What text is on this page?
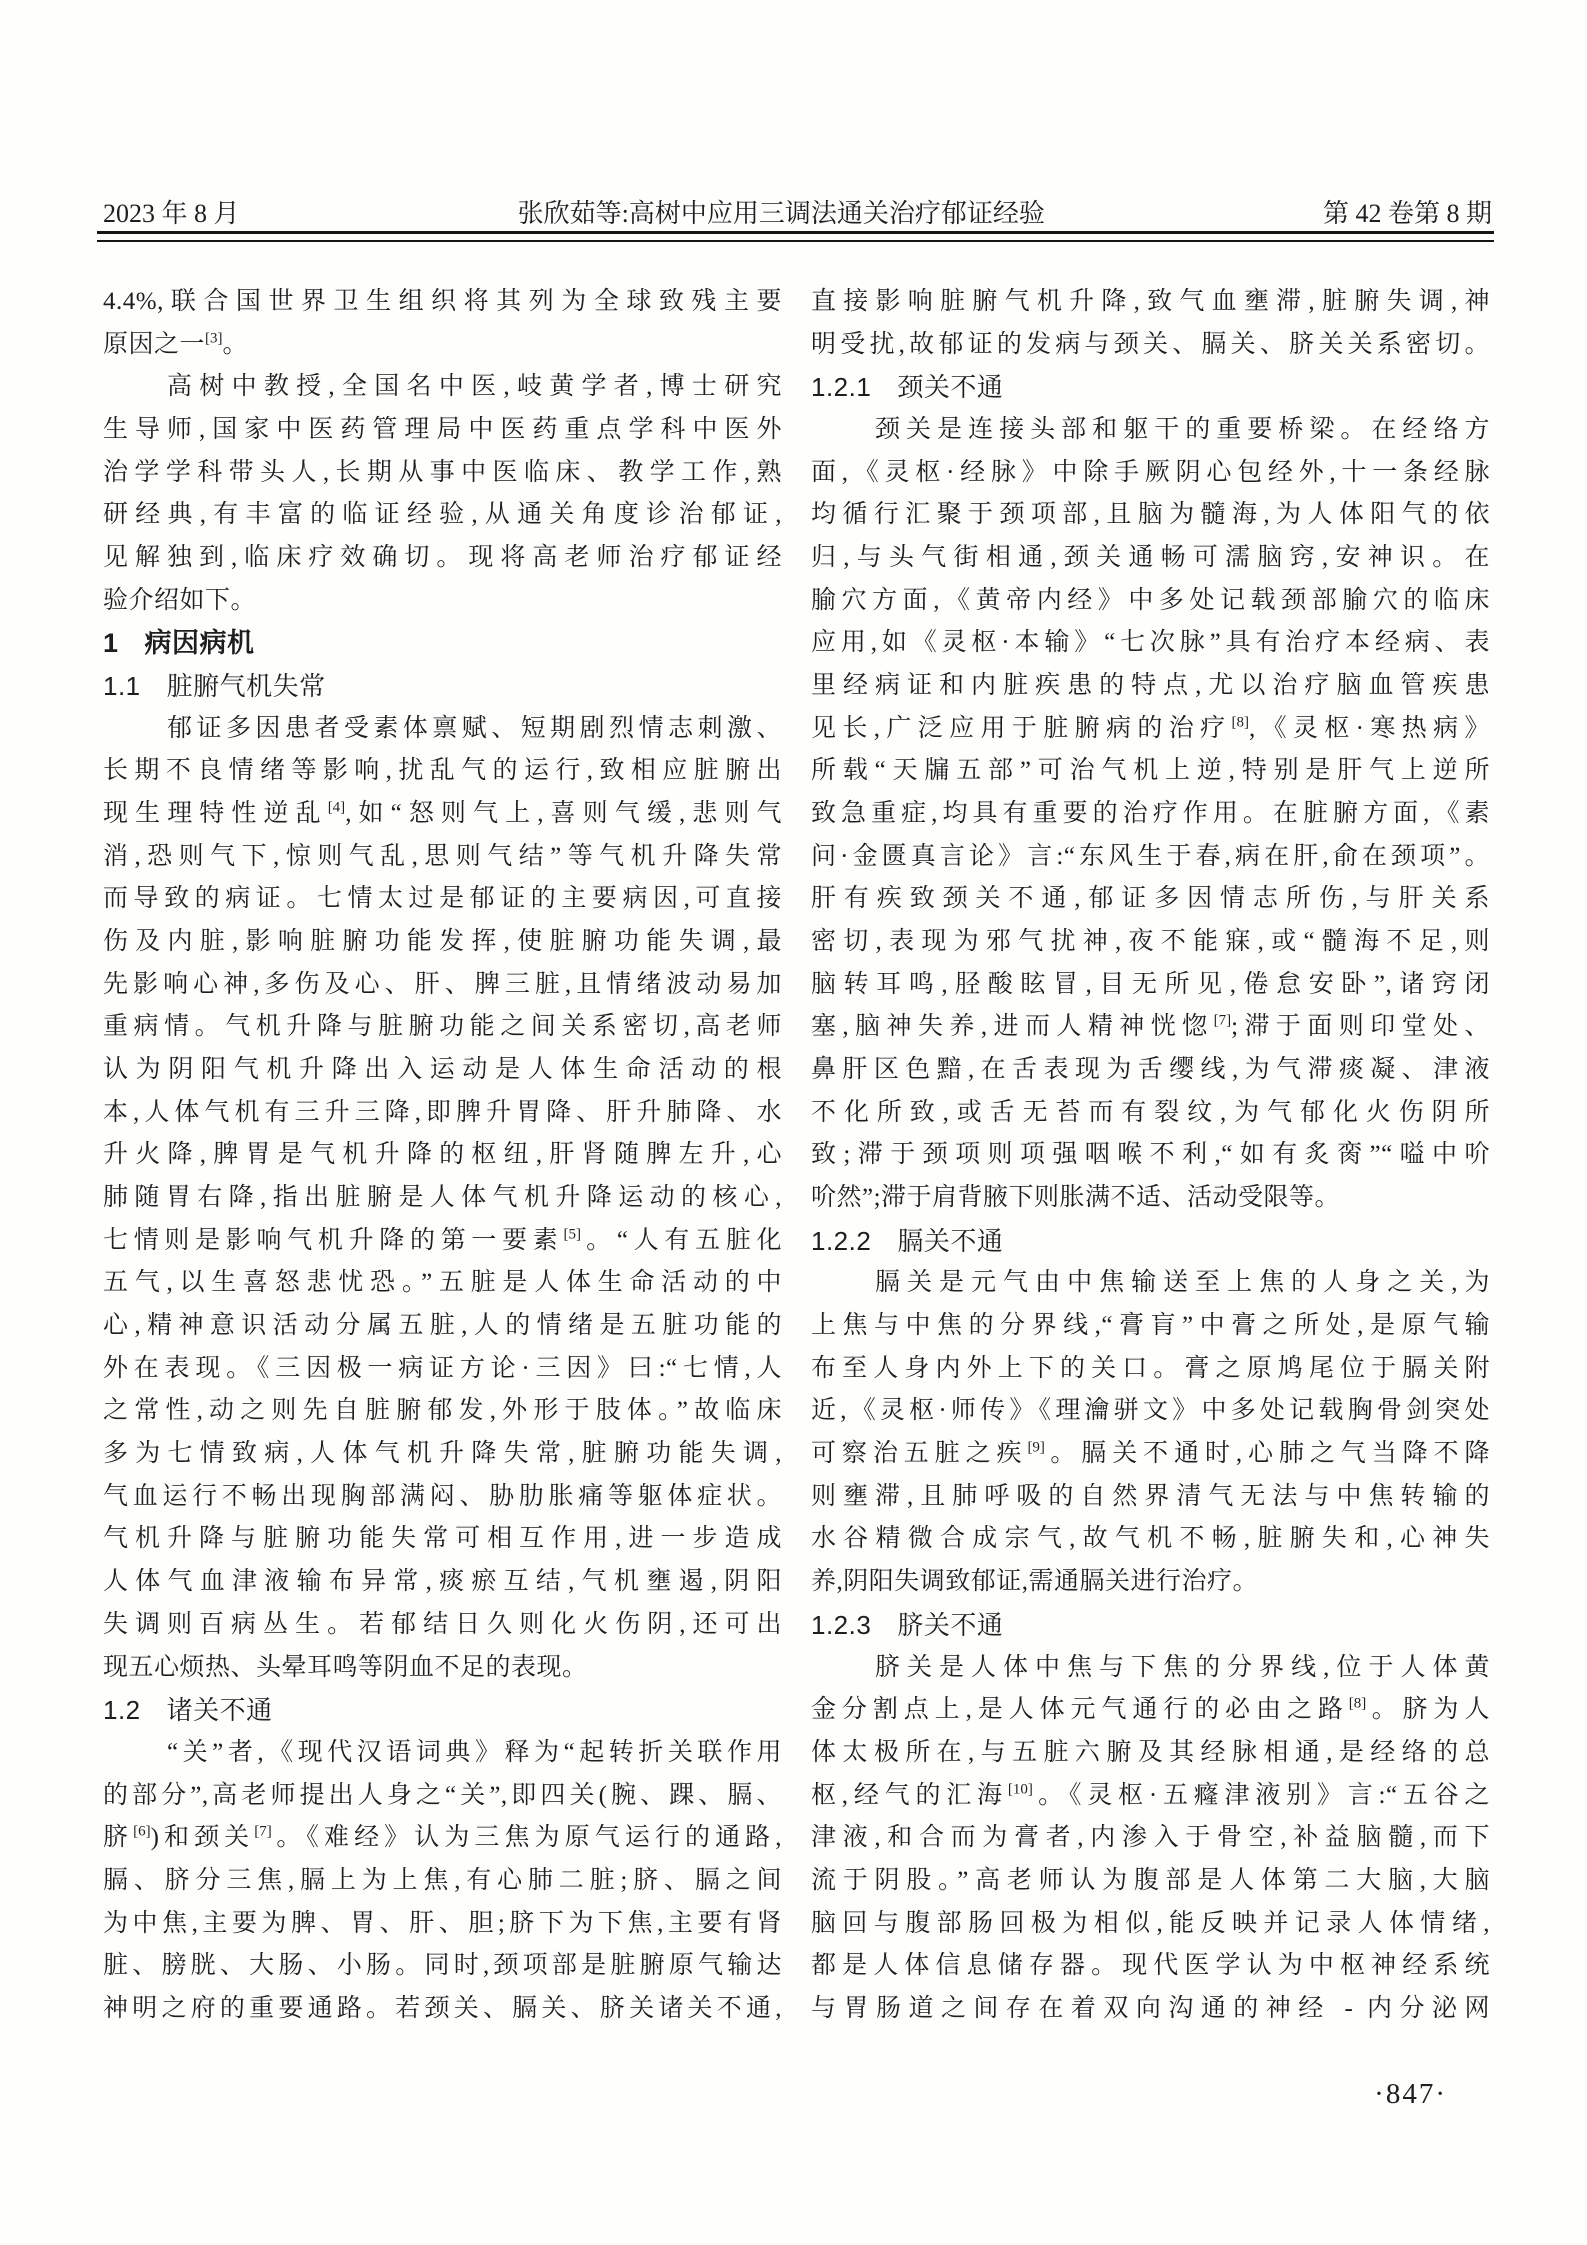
2023 年 8 月	张欣茹等:高树中应用三调法通关治疗郁证经验	第 42 卷第 8 期
4.4%,联合国世界卫生组织将其列为全球致残主要
原因之一[3]。
高树中教授,全国名中医,岐黄学者,博士研究
生导师,国家中医药管理局中医药重点学科中医外
治学学科带头人,长期从事中医临床、教学工作,熟
研经典,有丰富的临证经验,从通关角度诊治郁证,
见解独到,临床疗效确切。现将高老师治疗郁证经
验介绍如下。
1 病因病机
1.1 脏腑气机失常
郁证多因患者受素体禀赋、短期剧烈情志刺激、
长期不良情绪等影响,扰乱气的运行,致相应脏腑出
现生理特性逆乱[4],如“怒则气上,喜则气缓,悲则气
消,恐则气下,惊则气乱,思则气结”等气机升降失常
而导致的病证。七情太过是郁证的主要病因,可直接
伤及内脏,影响脏腑功能发挥,使脏腑功能失调,最
先影响心神,多伤及心、肝、脾三脏,且情绪波动易加
重病情。气机升降与脏腑功能之间关系密切,高老师
认为阴阳气机升降出入运动是人体生命活动的根
本,人体气机有三升三降,即脾升胃降、肝升肺降、水
升火降,脾胃是气机升降的枢纽,肝肾随脾左升,心
肺随胃右降,指出脏腑是人体气机升降运动的核心,
七情则是影响气机升降的第一要素[5]。“人有五脏化
五气,以生喜怒悲忧恐。”五脏是人体生命活动的中
心,精神意识活动分属五脏,人的情绪是五脏功能的
外在表现。《三因极一病证方论·三因》曰:“七情,人
之常性,动之则先自脏腑郁发,外形于肢体。”故临床
多为七情致病,人体气机升降失常,脏腑功能失调,
气血运行不畅出现胸部满闷、胁肋胀痛等躯体症状。
气机升降与脏腑功能失常可相互作用,进一步造成
人体气血津液输布异常,痰瘀互结,气机壅遏,阴阳
失调则百病丛生。若郁结日久则化火伤阴,还可出
现五心烦热、头晕耳鸣等阴血不足的表现。
1.2 诸关不通
“关”者,《现代汉语词典》释为“起转折关联作用
的部分”,高老师提出人身之“关”,即四关(腕、踝、膈、
脐[6])和颈关[7]。《难经》认为三焦为原气运行的通路,
膈、脐分三焦,膈上为上焦,有心肺二脏;脐、膈之间
为中焦,主要为脾、胃、肝、胆;脐下为下焦,主要有肾
脏、膀胱、大肠、小肠。同时,颈项部是脏腑原气输达
神明之府的重要通路。若颈关、膈关、脐关诸关不通,
直接影响脏腑气机升降,致气血壅滞,脏腑失调,神
明受扰,故郁证的发病与颈关、膈关、脐关关系密切。
1.2.1 颈关不通
颈关是连接头部和躯干的重要桥梁。在经络方
面,《灵枢·经脉》中除手厥阴心包经外,十一条经脉
均循行汇聚于颈项部,且脑为髓海,为人体阳气的依
归,与头气街相通,颈关通畅可濡脑窍,安神识。在
腧穴方面,《黄帝内经》中多处记载颈部腧穴的临床
应用,如《灵枢·本输》“七次脉”具有治疗本经病、表
里经病证和内脏疾患的特点,尤以治疗脑血管疾患
见长,广泛应用于脏腑病的治疗[8],《灵枢·寒热病》
所载“天牖五部”可治气机上逆,特别是肝气上逆所
致急重症,均具有重要的治疗作用。在脏腑方面,《素
问·金匮真言论》言:“东风生于春,病在肝,俞在颈项”。
肝有疾致颈关不通,郁证多因情志所伤,与肝关系
密切,表现为邪气扰神,夜不能寐,或“髓海不足,则
脑转耳鸣,胫酸眩冒,目无所见,倦怠安卧”,诸窍闭
塞,脑神失养,进而人精神恍惚[7];滞于面则印堂处、
鼻肝区色黯,在舌表现为舌缨线,为气滞痰凝、津液
不化所致,或舌无苔而有裂纹,为气郁化火伤阴所
致;滞于颈项则项强咽喉不利,“如有炙脔”“嗌中吤
吤然”;滞于肩背腋下则胀满不适、活动受限等。
1.2.2 膈关不通
膈关是元气由中焦输送至上焦的人身之关,为
上焦与中焦的分界线,“膏肓”中膏之所处,是原气输
布至人身内外上下的关口。膏之原鸠尾位于膈关附
近,《灵枢·师传》《理瀹骈文》中多处记载胸骨剑突处
可察治五脏之疾[9]。膈关不通时,心肺之气当降不降
则壅滞,且肺呼吸的自然界清气无法与中焦转输的
水谷精微合成宗气,故气机不畅,脏腑失和,心神失
养,阴阳失调致郁证,需通膈关进行治疗。
1.2.3 脐关不通
脐关是人体中焦与下焦的分界线,位于人体黄
金分割点上,是人体元气通行的必由之路[8]。脐为人
体太极所在,与五脏六腑及其经脉相通,是经络的总
枢,经气的汇海[10]。《灵枢·五癃津液别》言:“五谷之
津液,和合而为膏者,内渗入于骨空,补益脑髓,而下
流于阴股。”高老师认为腹部是人体第二大脑,大脑
脑回与腹部肠回极为相似,能反映并记录人体情绪,
都是人体信息储存器。现代医学认为中枢神经系统
与胃肠道之间存在着双向沟通的神经 - 内分泌网
·847·
